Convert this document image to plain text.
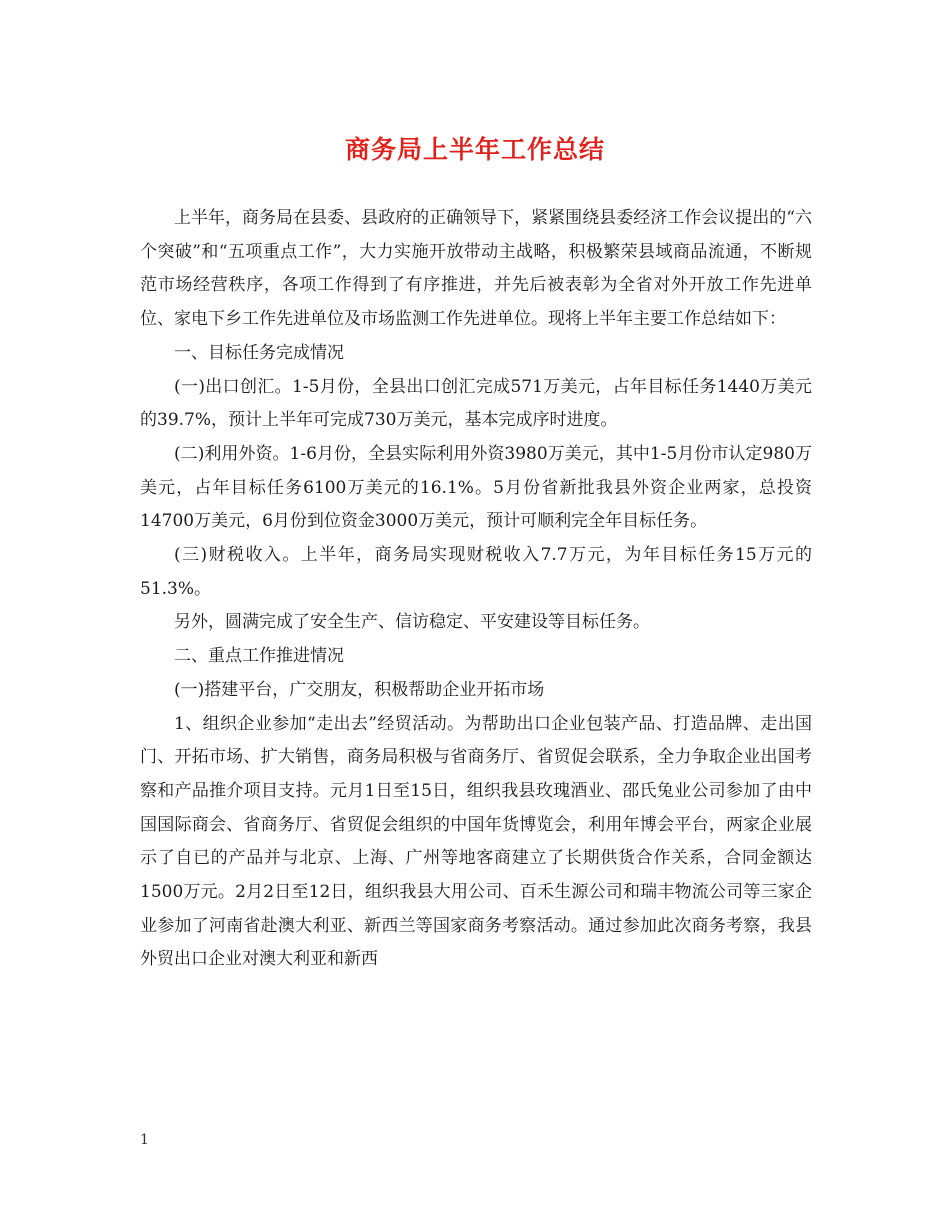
商务局上半年工作总结

上半年，商务局在县委、县政府的正确领导下，紧紧围绕县委经济工作会议提出的“六个突破”和“五项重点工作”，大力实施开放带动主战略，积极繁荣县域商品流通，不断规范市场经营秩序，各项工作得到了有序推进，并先后被表彰为全省对外开放工作先进单位、家电下乡工作先进单位及市场监测工作先进单位。现将上半年主要工作总结如下：

一、目标任务完成情况

(一)出口创汇。1-5月份，全县出口创汇完成571万美元，占年目标任务1440万美元的39.7%，预计上半年可完成730万美元，基本完成序时进度。

(二)利用外资。1-6月份，全县实际利用外资3980万美元，其中1-5月份市认定980万美元，占年目标任务6100万美元的16.1%。5月份省新批我县外资企业两家，总投资14700万美元，6月份到位资金3000万美元，预计可顺利完全年目标任务。

(三)财税收入。上半年，商务局实现财税收入7.7万元，为年目标任务15万元的51.3%。

另外，圆满完成了安全生产、信访稳定、平安建设等目标任务。

二、重点工作推进情况

(一)搭建平台，广交朋友，积极帮助企业开拓市场

1、组织企业参加“走出去”经贸活动。为帮助出口企业包装产品、打造品牌、走出国门、开拓市场、扩大销售，商务局积极与省商务厅、省贸促会联系，全力争取企业出国考察和产品推介项目支持。元月1日至15日，组织我县玫瑰酒业、邵氏兔业公司参加了由中国国际商会、省商务厅、省贸促会组织的中国年货博览会，利用年博会平台，两家企业展示了自已的产品并与北京、上海、广州等地客商建立了长期供货合作关系，合同金额达1500万元。2月2日至12日，组织我县大用公司、百禾生源公司和瑞丰物流公司等三家企业参加了河南省赴澳大利亚、新西兰等国家商务考察活动。通过参加此次商务考察，我县外贸出口企业对澳大利亚和新西

1
